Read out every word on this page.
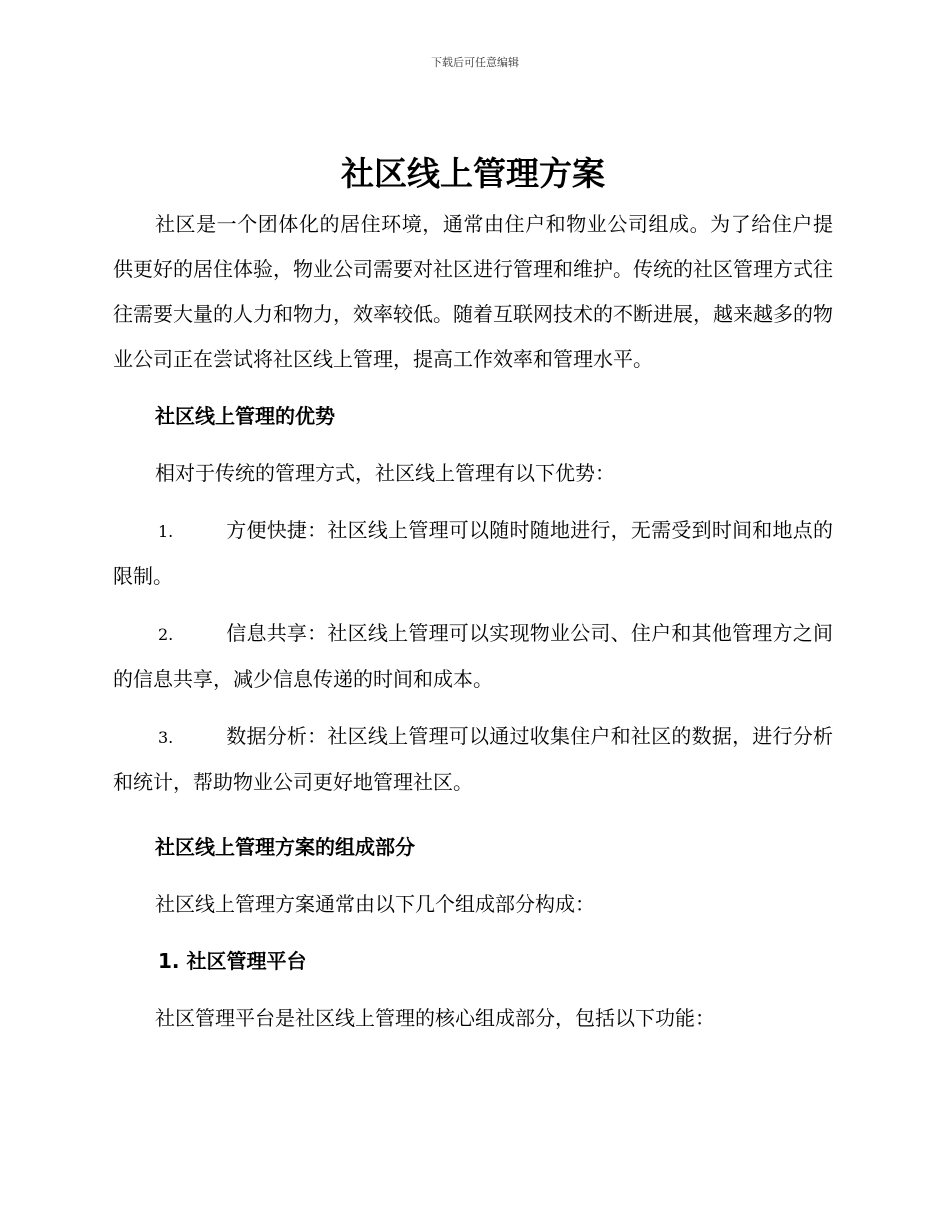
下载后可任意编辑
社区线上管理方案

社区是一个团体化的居住环境，通常由住户和物业公司组成。为了给住户提供更好的居住体验，物业公司需要对社区进行管理和维护。传统的社区管理方式往往需要大量的人力和物力，效率较低。随着互联网技术的不断进展，越来越多的物业公司正在尝试将社区线上管理，提高工作效率和管理水平。

社区线上管理的优势

相对于传统的管理方式，社区线上管理有以下优势：

1.	方便快捷：社区线上管理可以随时随地进行，无需受到时间和地点的限制。

2.	信息共享：社区线上管理可以实现物业公司、住户和其他管理方之间的信息共享，减少信息传递的时间和成本。

3.	数据分析：社区线上管理可以通过收集住户和社区的数据，进行分析和统计，帮助物业公司更好地管理社区。

社区线上管理方案的组成部分

社区线上管理方案通常由以下几个组成部分构成：

1. 社区管理平台

社区管理平台是社区线上管理的核心组成部分，包括以下功能：
